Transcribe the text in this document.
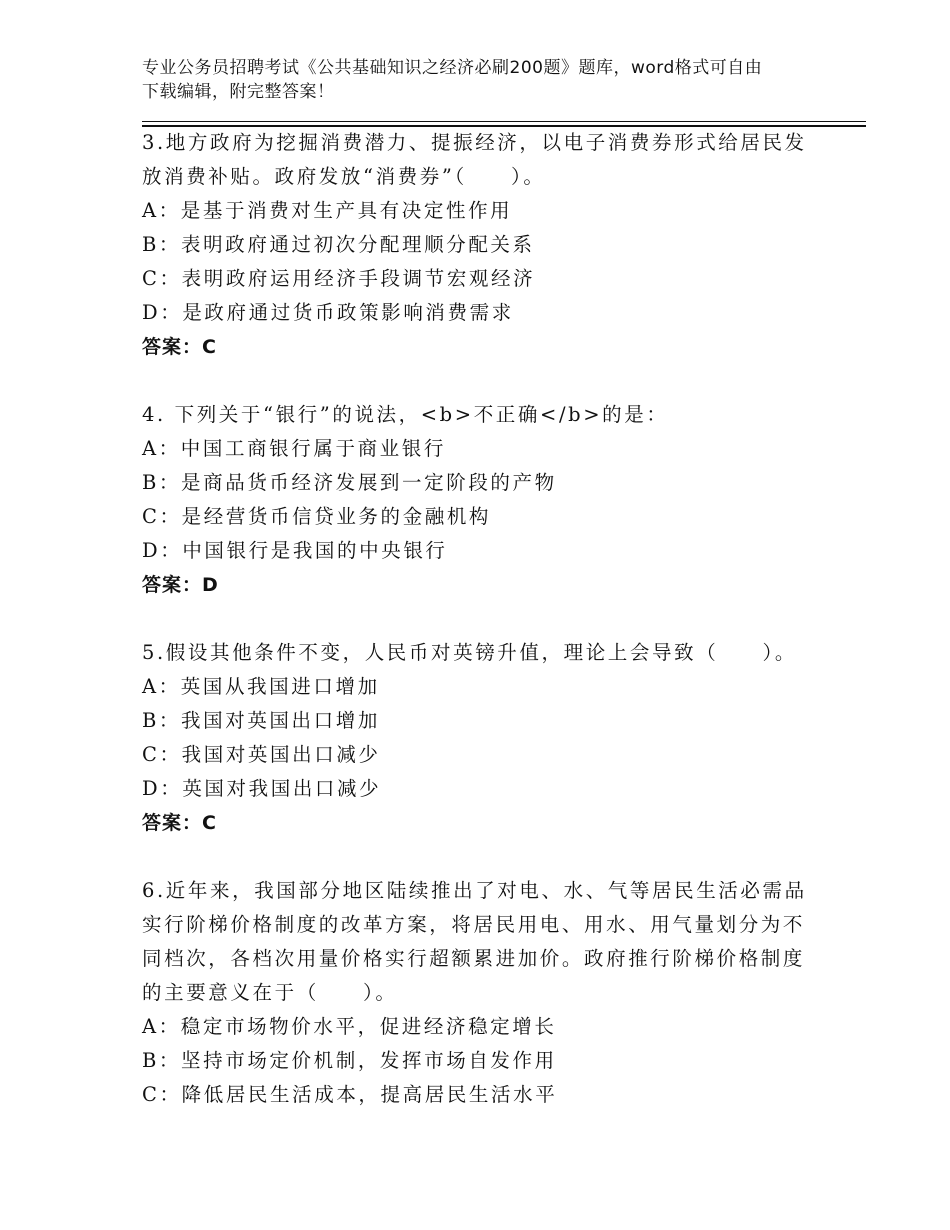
专业公务员招聘考试《公共基础知识之经济必刷200题》题库，word格式可自由
下载编辑，附完整答案！

3.地方政府为挖掘消费潜力、提振经济，以电子消费券形式给居民发

放消费补贴。政府发放“消费券”（　　）。

A：是基于消费对生产具有决定性作用

B：表明政府通过初次分配理顺分配关系

C：表明政府运用经济手段调节宏观经济

D：是政府通过货币政策影响消费需求

答案：C

4. 下列关于“银行”的说法，<b>不正确</b>的是：

A：中国工商银行属于商业银行

B：是商品货币经济发展到一定阶段的产物

C：是经营货币信贷业务的金融机构

D：中国银行是我国的中央银行

答案：D

5.假设其他条件不变，人民币对英镑升值，理论上会导致（　　）。

A：英国从我国进口增加

B：我国对英国出口增加

C：我国对英国出口减少

D：英国对我国出口减少

答案：C

6.近年来，我国部分地区陆续推出了对电、水、气等居民生活必需品

实行阶梯价格制度的改革方案，将居民用电、用水、用气量划分为不

同档次，各档次用量价格实行超额累进加价。政府推行阶梯价格制度

的主要意义在于（　　）。

A：稳定市场物价水平，促进经济稳定增长

B：坚持市场定价机制，发挥市场自发作用

C：降低居民生活成本，提高居民生活水平
